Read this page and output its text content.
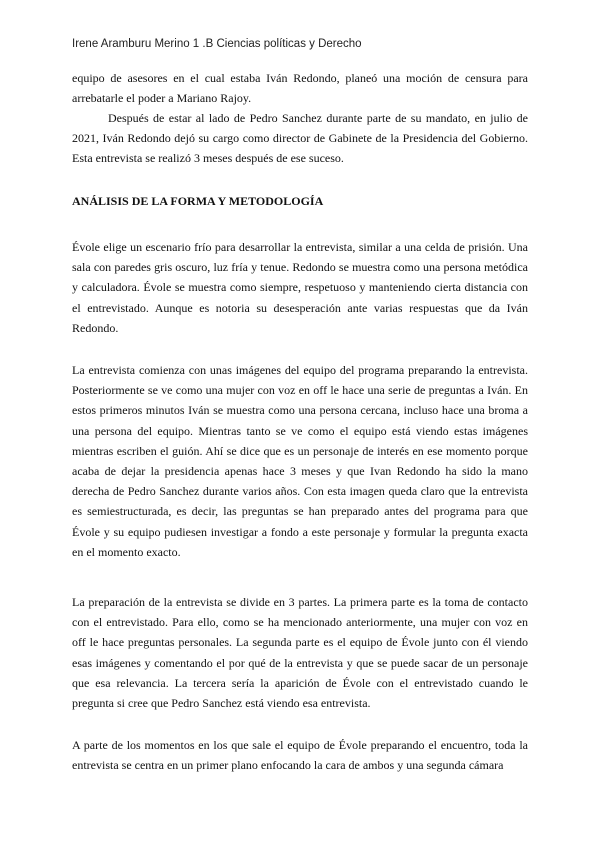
Irene Aramburu Merino 1 .B Ciencias políticas y Derecho

equipo de asesores en el cual estaba Iván Redondo, planeó una moción de censura para arrebatarle el poder a Mariano Rajoy.

Después de estar al lado de Pedro Sanchez durante parte de su mandato, en julio de 2021, Iván Redondo dejó su cargo como director de Gabinete de la Presidencia del Gobierno. Esta entrevista se realizó 3 meses después de ese suceso.

ANÁLISIS DE LA FORMA Y METODOLOGÍA

Évole elige un escenario frío para desarrollar la entrevista, similar a una celda de prisión. Una sala con paredes gris oscuro, luz fría y tenue. Redondo se muestra como una persona metódica y calculadora. Évole se muestra como siempre, respetuoso y manteniendo cierta distancia con el entrevistado. Aunque es notoria su desesperación ante varias respuestas que da Iván Redondo.

La entrevista comienza con unas imágenes del equipo del programa preparando la entrevista. Posteriormente se ve como una mujer con voz en off le hace una serie de preguntas a Iván. En estos primeros minutos Iván se muestra como una persona cercana, incluso hace una broma a una persona del equipo. Mientras tanto se ve como el equipo está viendo estas imágenes mientras escriben el guión. Ahí se dice que es un personaje de interés en ese momento porque acaba de dejar la presidencia apenas hace 3 meses y que Ivan Redondo ha sido la mano derecha de Pedro Sanchez durante varios años. Con esta imagen queda claro que la entrevista es semiestructurada, es decir, las preguntas se han preparado antes del programa para que Évole y su equipo pudiesen investigar a fondo a este personaje y formular la pregunta exacta en el momento exacto.

La preparación de la entrevista se divide en 3 partes. La primera parte es la toma de contacto con el entrevistado. Para ello, como se ha mencionado anteriormente, una mujer con voz en off le hace preguntas personales. La segunda parte es el equipo de Évole junto con él viendo esas imágenes y comentando el por qué de la entrevista y que se puede sacar de un personaje que esa relevancia. La tercera sería la aparición de Évole con el entrevistado cuando le pregunta si cree que Pedro Sanchez está viendo esa entrevista.

A parte de los momentos en los que sale el equipo de Évole preparando el encuentro, toda la entrevista se centra en un primer plano enfocando la cara de ambos y una segunda cámara
